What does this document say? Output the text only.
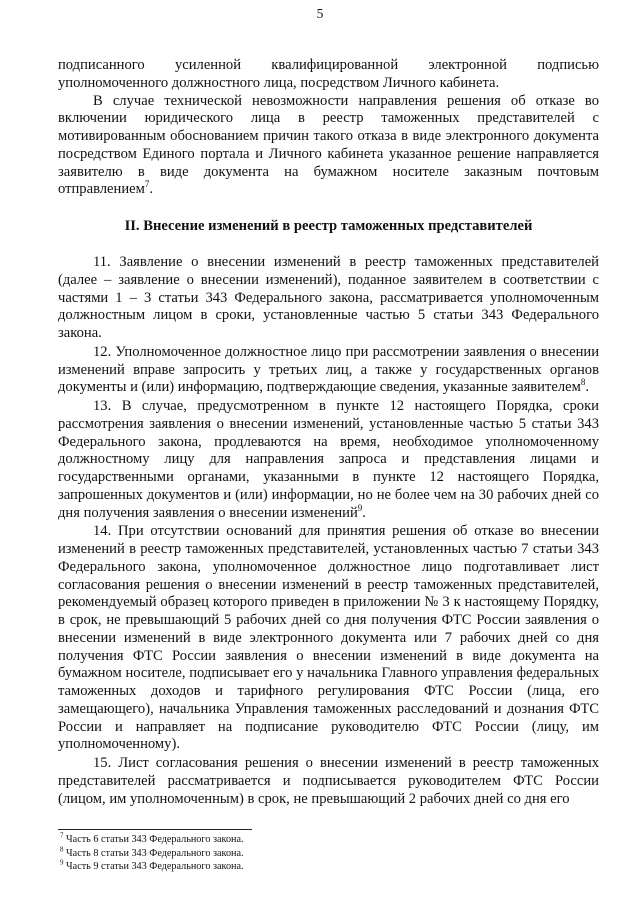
5

подписанного усиленной квалифицированной электронной подписью уполномоченного должностного лица, посредством Личного кабинета.

В случае технической невозможности направления решения об отказе во включении юридического лица в реестр таможенных представителей с мотивированным обоснованием причин такого отказа в виде электронного документа посредством Единого портала и Личного кабинета указанное решение направляется заявителю в виде документа на бумажном носителе заказным почтовым отправлением$^7$.

II. Внесение изменений в реестр таможенных представителей

11. Заявление о внесении изменений в реестр таможенных представителей (далее – заявление о внесении изменений), поданное заявителем в соответствии с частями 1 – 3 статьи 343 Федерального закона, рассматривается уполномоченным должностным лицом в сроки, установленные частью 5 статьи 343 Федерального закона.

12. Уполномоченное должностное лицо при рассмотрении заявления о внесении изменений вправе запросить у третьих лиц, а также у государственных органов документы и (или) информацию, подтверждающие сведения, указанные заявителем$^8$.

13. В случае, предусмотренном в пункте 12 настоящего Порядка, сроки рассмотрения заявления о внесении изменений, установленные частью 5 статьи 343 Федерального закона, продлеваются на время, необходимое уполномоченному должностному лицу для направления запроса и представления лицами и государственными органами, указанными в пункте 12 настоящего Порядка, запрошенных документов и (или) информации, но не более чем на 30 рабочих дней со дня получения заявления о внесении изменений$^9$.

14. При отсутствии оснований для принятия решения об отказе во внесении изменений в реестр таможенных представителей, установленных частью 7 статьи 343 Федерального закона, уполномоченное должностное лицо подготавливает лист согласования решения о внесении изменений в реестр таможенных представителей, рекомендуемый образец которого приведен в приложении № 3 к настоящему Порядку, в срок, не превышающий 5 рабочих дней со дня получения ФТС России заявления о внесении изменений в виде электронного документа или 7 рабочих дней со дня получения ФТС России заявления о внесении изменений в виде документа на бумажном носителе, подписывает его у начальника Главного управления федеральных таможенных доходов и тарифного регулирования ФТС России (лица, его замещающего), начальника Управления таможенных расследований и дознания ФТС России и направляет на подписание руководителю ФТС России (лицу, им уполномоченному).

15. Лист согласования решения о внесении изменений в реестр таможенных представителей рассматривается и подписывается руководителем ФТС России (лицом, им уполномоченным) в срок, не превышающий 2 рабочих дней со дня его

$^7$ Часть 6 статьи 343 Федерального закона.

$^8$ Часть 8 статьи 343 Федерального закона.

$^9$ Часть 9 статьи 343 Федерального закона.
